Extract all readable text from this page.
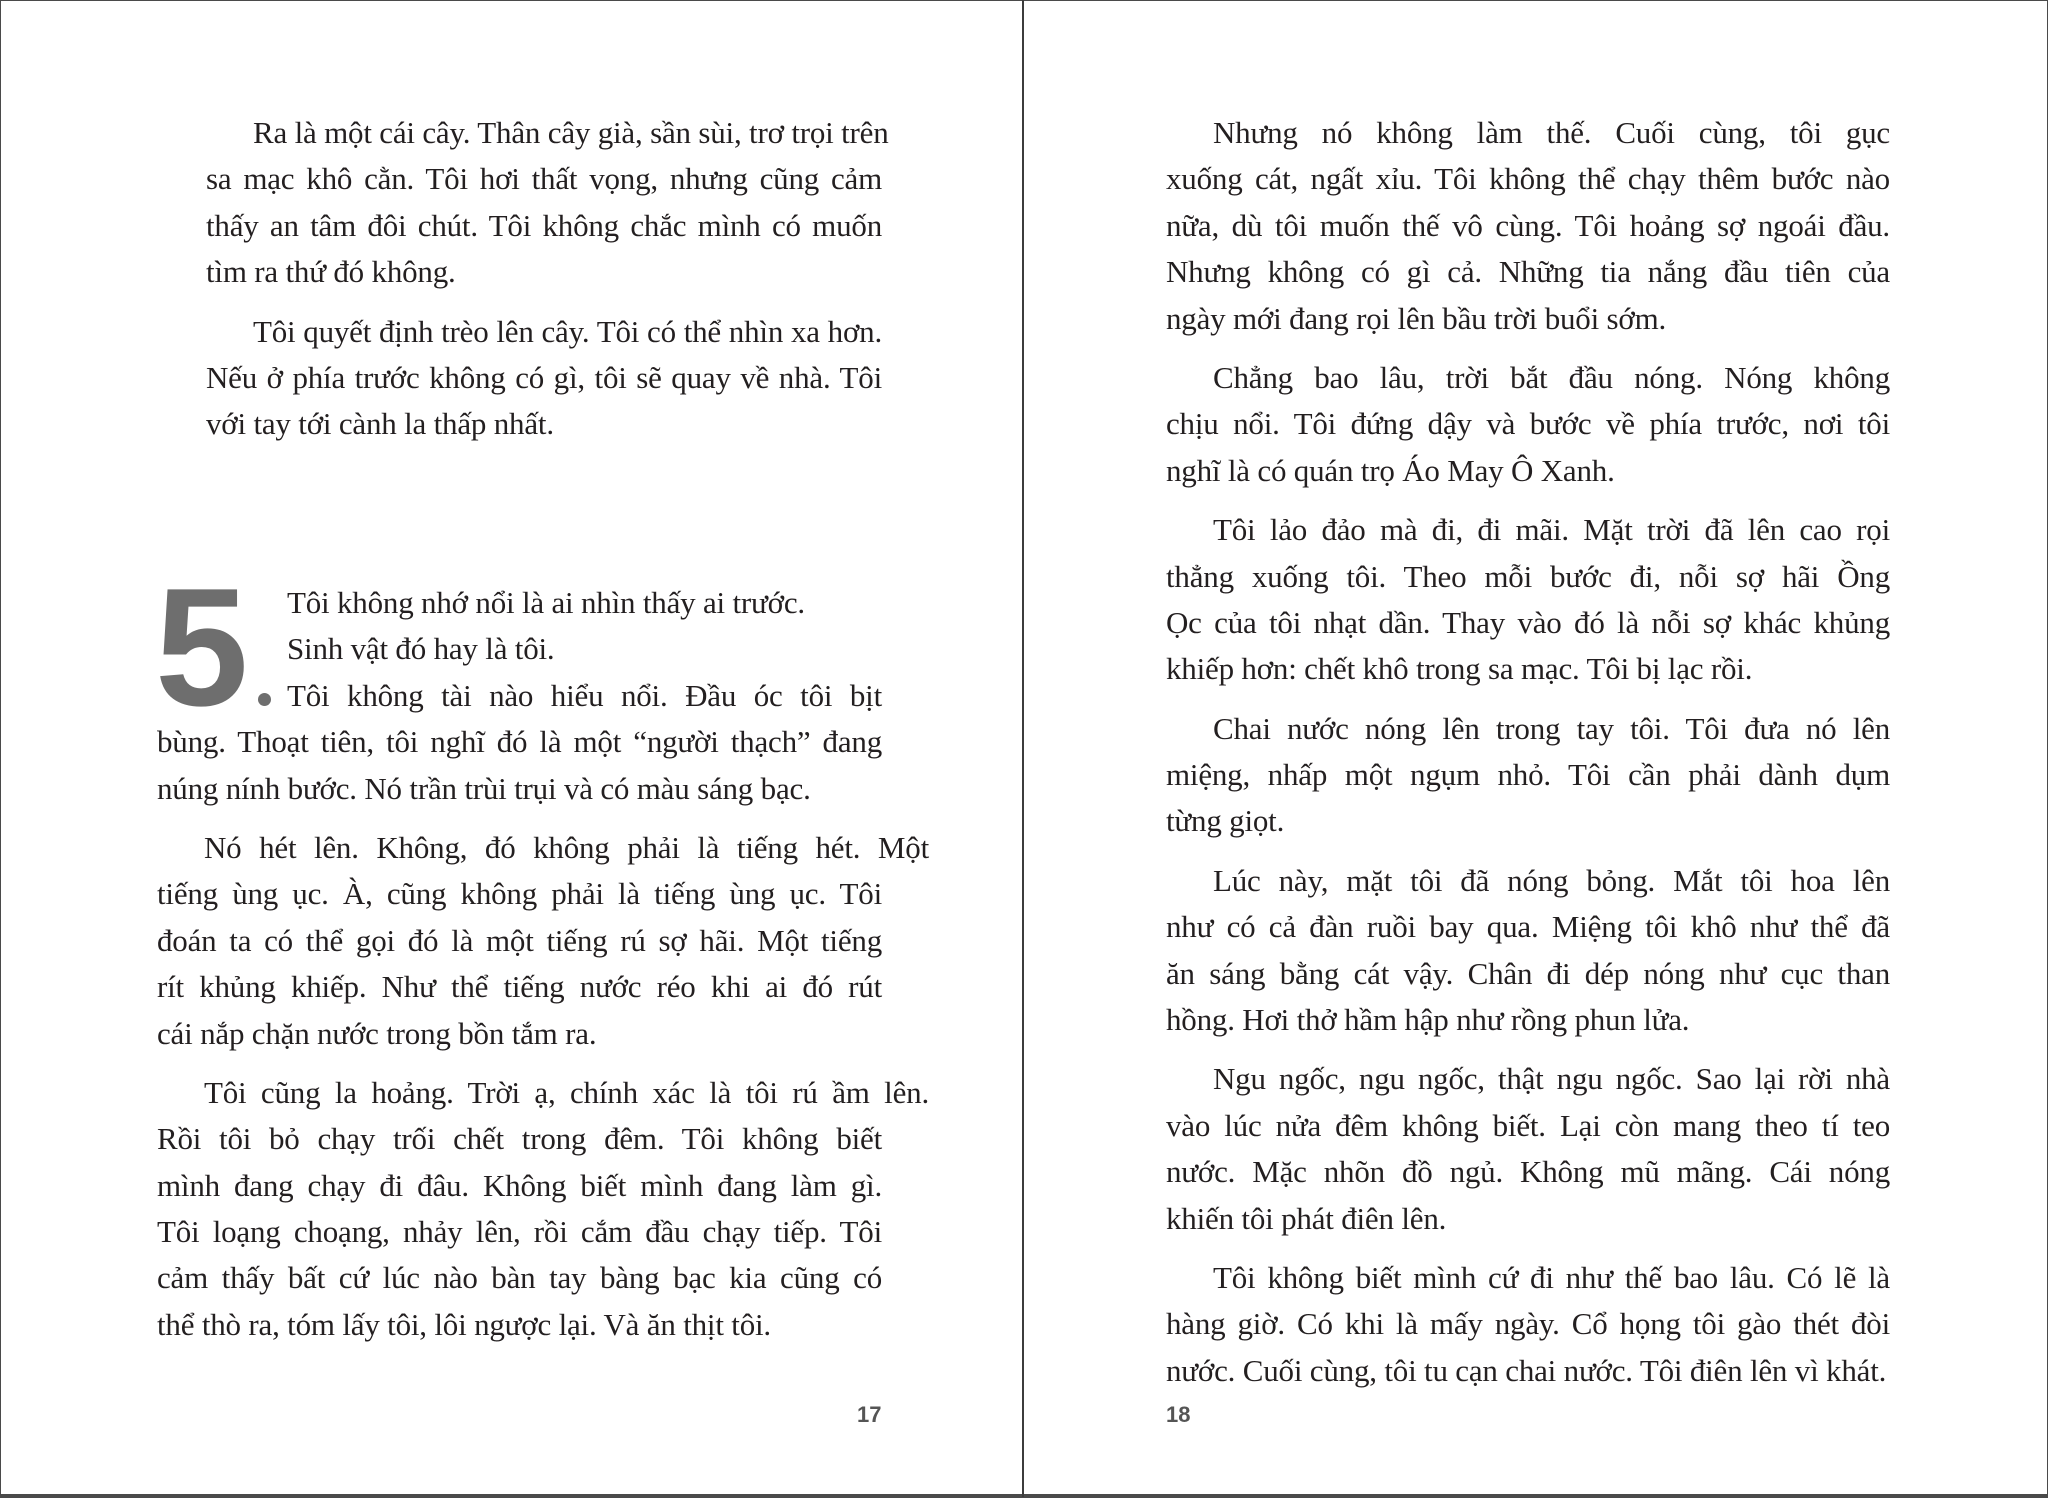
Ra là một cái cây. Thân cây già, sần sùi, trơ trọi trên
sa mạc khô cằn. Tôi hơi thất vọng, nhưng cũng cảm
thấy an tâm đôi chút. Tôi không chắc mình có muốn
tìm ra thứ đó không.
Tôi quyết định trèo lên cây. Tôi có thể nhìn xa hơn.
Nếu ở phía trước không có gì, tôi sẽ quay về nhà. Tôi
với tay tới cành la thấp nhất.
5 Tôi không nhớ nổi là ai nhìn thấy ai trước.
Sinh vật đó hay là tôi.
Tôi không tài nào hiểu nổi. Đầu óc tôi bịt
bùng. Thoạt tiên, tôi nghĩ đó là một “người thạch” đang
núng nính bước. Nó trần trùi trụi và có màu sáng bạc.
Nó hét lên. Không, đó không phải là tiếng hét. Một
tiếng ùng ục. À, cũng không phải là tiếng ùng ục. Tôi
đoán ta có thể gọi đó là một tiếng rú sợ hãi. Một tiếng
rít khủng khiếp. Như thể tiếng nước réo khi ai đó rút
cái nắp chặn nước trong bồn tắm ra.
Tôi cũng la hoảng. Trời ạ, chính xác là tôi rú ầm lên.
Rồi tôi bỏ chạy trối chết trong đêm. Tôi không biết
mình đang chạy đi đâu. Không biết mình đang làm gì.
Tôi loạng choạng, nhảy lên, rồi cắm đầu chạy tiếp. Tôi
cảm thấy bất cứ lúc nào bàn tay bàng bạc kia cũng có
thể thò ra, tóm lấy tôi, lôi ngược lại. Và ăn thịt tôi.
17
Nhưng nó không làm thế. Cuối cùng, tôi gục
xuống cát, ngất xỉu. Tôi không thể chạy thêm bước nào
nữa, dù tôi muốn thế vô cùng. Tôi hoảng sợ ngoái đầu.
Nhưng không có gì cả. Những tia nắng đầu tiên của
ngày mới đang rọi lên bầu trời buổi sớm.
Chẳng bao lâu, trời bắt đầu nóng. Nóng không
chịu nổi. Tôi đứng dậy và bước về phía trước, nơi tôi
nghĩ là có quán trọ Áo May Ô Xanh.
Tôi lảo đảo mà đi, đi mãi. Mặt trời đã lên cao rọi
thẳng xuống tôi. Theo mỗi bước đi, nỗi sợ hãi Ồng
Ọc của tôi nhạt dần. Thay vào đó là nỗi sợ khác khủng
khiếp hơn: chết khô trong sa mạc. Tôi bị lạc rồi.
Chai nước nóng lên trong tay tôi. Tôi đưa nó lên
miệng, nhấp một ngụm nhỏ. Tôi cần phải dành dụm
từng giọt.
Lúc này, mặt tôi đã nóng bỏng. Mắt tôi hoa lên
như có cả đàn ruồi bay qua. Miệng tôi khô như thể đã
ăn sáng bằng cát vậy. Chân đi dép nóng như cục than
hồng. Hơi thở hầm hập như rồng phun lửa.
Ngu ngốc, ngu ngốc, thật ngu ngốc. Sao lại rời nhà
vào lúc nửa đêm không biết. Lại còn mang theo tí teo
nước. Mặc nhõn đồ ngủ. Không mũ mãng. Cái nóng
khiến tôi phát điên lên.
Tôi không biết mình cứ đi như thế bao lâu. Có lẽ là
hàng giờ. Có khi là mấy ngày. Cổ họng tôi gào thét đòi
nước. Cuối cùng, tôi tu cạn chai nước. Tôi điên lên vì khát.
18
